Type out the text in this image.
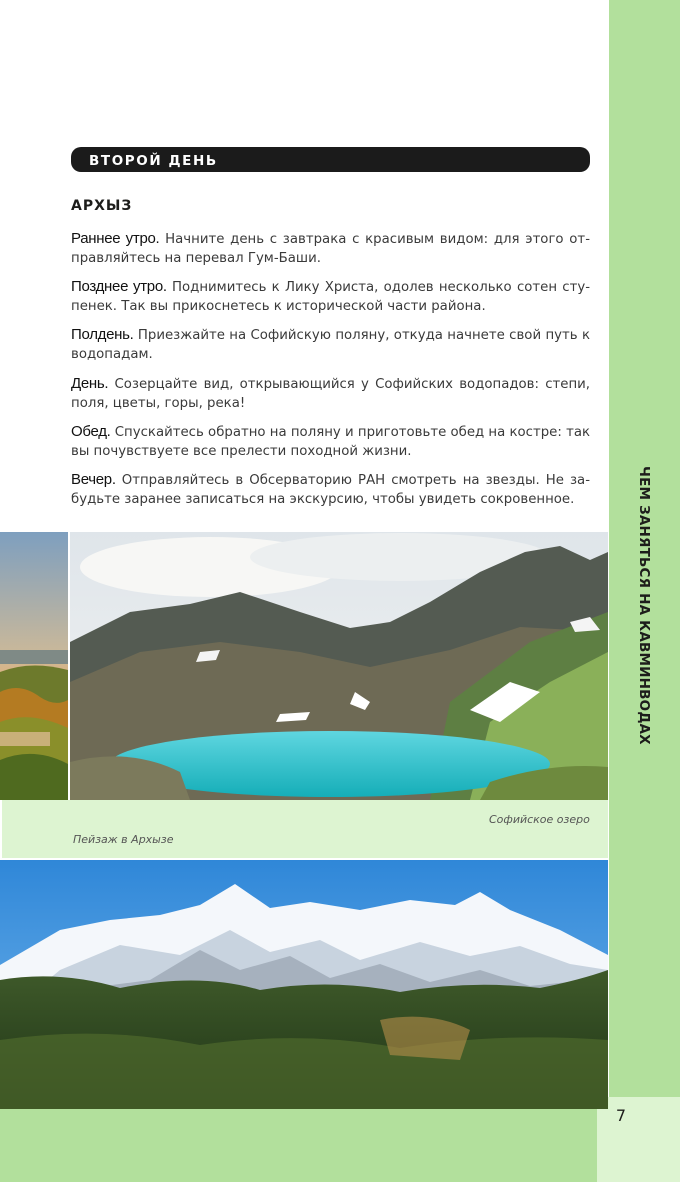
ЧЕМ ЗАНЯТЬСЯ НА КАВМИНВОДАХ
7
ВТОРОЙ ДЕНЬ
АРХЫЗ
Раннее утро. Начните день с завтрака с красивым видом: для этого отправляйтесь на перевал Гум-Баши.
Позднее утро. Поднимитесь к Лику Христа, одолев несколько сотен ступенек. Так вы прикоснетесь к исторической части района.
Полдень. Приезжайте на Софийскую поляну, откуда начнете свой путь к водопадам.
День. Созерцайте вид, открывающийся у Софийских водопадов: степи, поля, цветы, горы, река!
Обед. Спускайтесь обратно на поляну и приготовьте обед на костре: так вы почувствуете все прелести походной жизни.
Вечер. Отправляйтесь в Обсерваторию РАН смотреть на звезды. Не забудьте заранее записаться на экскурсию, чтобы увидеть сокровенное.
Софийское озеро
Пейзаж в Архызе
